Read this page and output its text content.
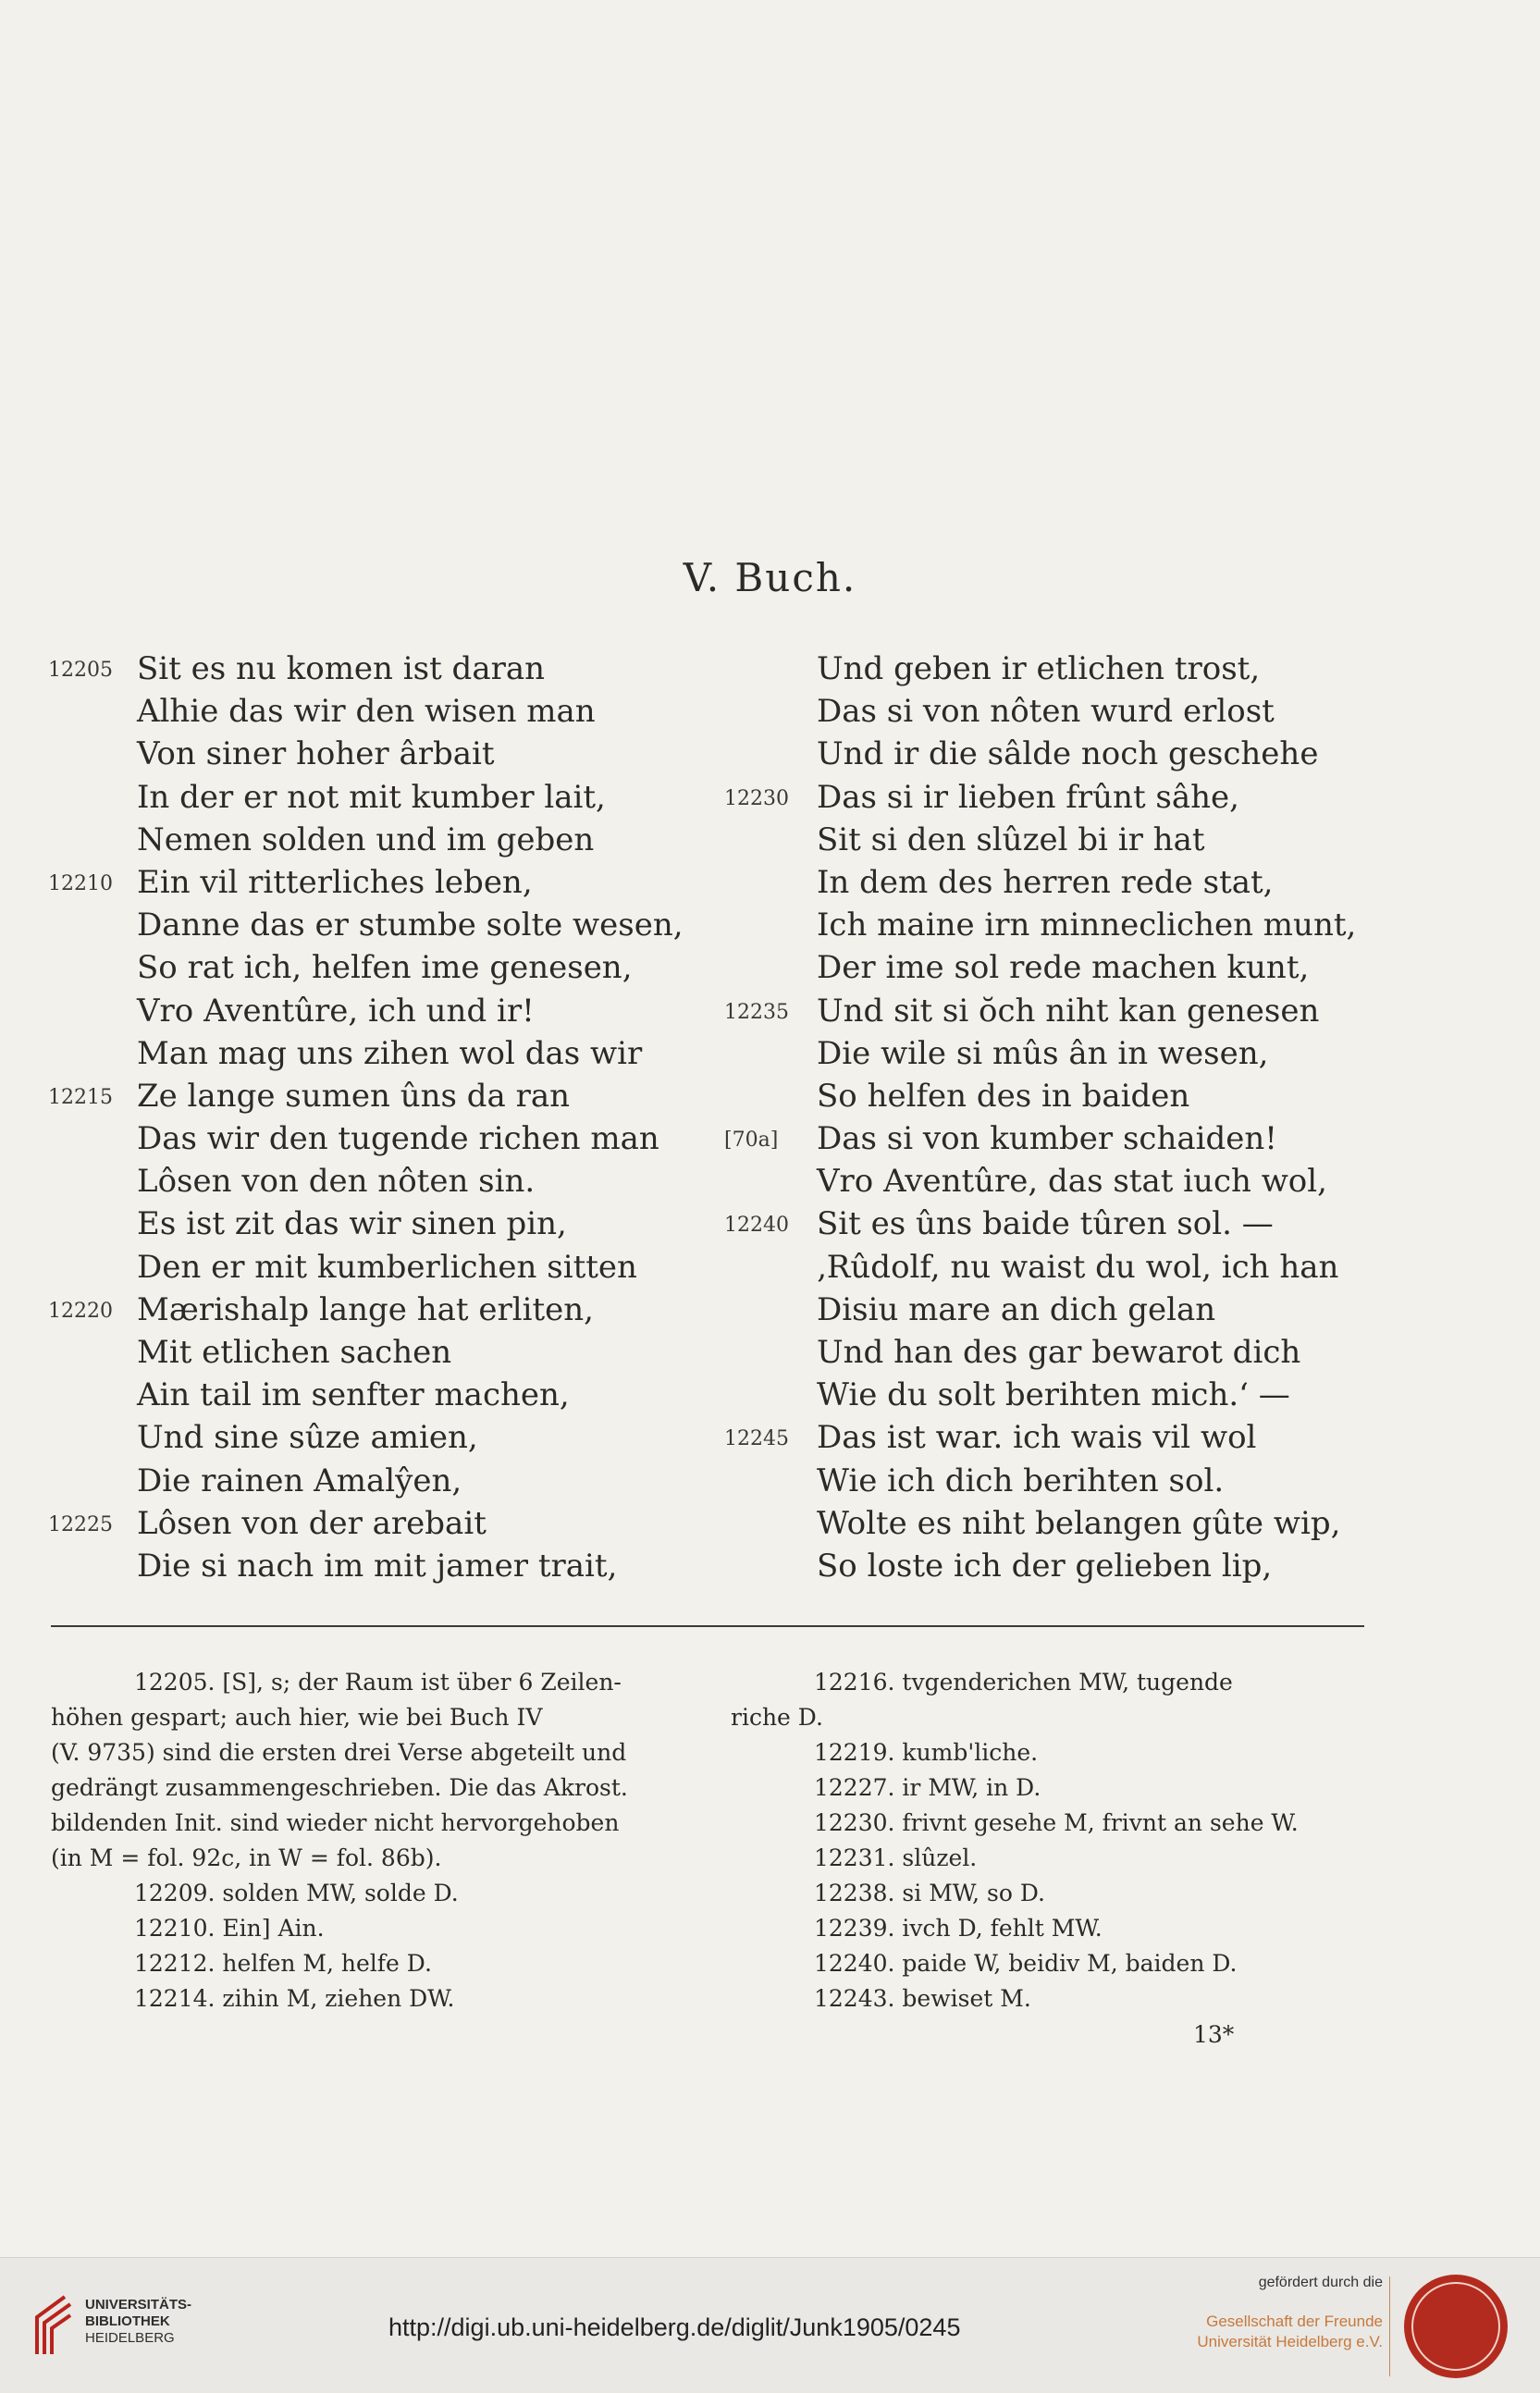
V. Buch.
12205 Sit es nu komen ist daran
Alhie das wir den wisen man
Von siner hoher ârbait
In der er not mit kumber lait,
Nemen solden und im geben
12210 Ein vil ritterliches leben,
Danne das er stumbe solte wesen,
So rat ich, helfen ime genesen,
Vro Aventûre, ich und ir!
Man mag uns zihen wol das wir
12215 Ze lange sumen ûns da ran
Das wir den tugende richen man
Lôsen von den nôten sin.
Es ist zit das wir sinen pin,
Den er mit kumberlichen sitten
12220 Mærishalp lange hat erliten,
Mit etlichen sachen
Ain tail im senfter machen,
Und sine sûze amien,
Die rainen Amalŷen,
12225 Lôsen von der arebait
Die si nach im mit jamer trait,
Und geben ir etlichen trost,
Das si von nôten wurd erlost
Und ir die sâlde noch geschehe
12230 Das si ir lieben frûnt sâhe,
Sit si den slûzel bi ir hat
In dem des herren rede stat,
Ich maine irn minneclichen munt,
Der ime sol rede machen kunt,
12235 Und sit si ŏch niht kan genesen
Die wile si mûs ân in wesen,
So helfen des in baiden
[70a] Das si von kumber schaiden!
Vro Aventûre, das stat iuch wol,
12240 Sit es ûns baide tûren sol. —
‚Rûdolf, nu waist du wol, ich han
Disiu mare an dich gelan
Und han des gar bewarot dich
Wie du solt berihten mich.‘ —
12245 Das ist war. ich wais vil wol
Wie ich dich berihten sol.
Wolte es niht belangen gûte wip,
So loste ich der gelieben lip,
12205. [S], s; der Raum ist über 6 Zeilen-
höhen gespart; auch hier, wie bei Buch IV
(V. 9735) sind die ersten drei Verse abgeteilt und
gedrängt zusammengeschrieben. Die das Akrost.
bildenden Init. sind wieder nicht hervorgehoben
(in M = fol. 92c, in W = fol. 86b).
12209. solden MW, solde D.
12210. Ein] Ain.
12212. helfen M, helfe D.
12214. zihin M, ziehen DW.
12216. tvgenderichen MW, tugende
riche D.
12219. kumb'liche.
12227. ir MW, in D.
12230. frivnt gesehe M, frivnt an sehe W.
12231. slûzel.
12238. si MW, so D.
12239. ivch D, fehlt MW.
12240. paide W, beidiv M, baiden D.
12243. bewiset M.
13*
UNIVERSITÄTS-
BIBLIOTHEK
HEIDELBERG	http://digi.ub.uni-heidelberg.de/diglit/Junk1905/0245
gefördert durch die
Gesellschaft der Freunde
Universität Heidelberg e.V.
